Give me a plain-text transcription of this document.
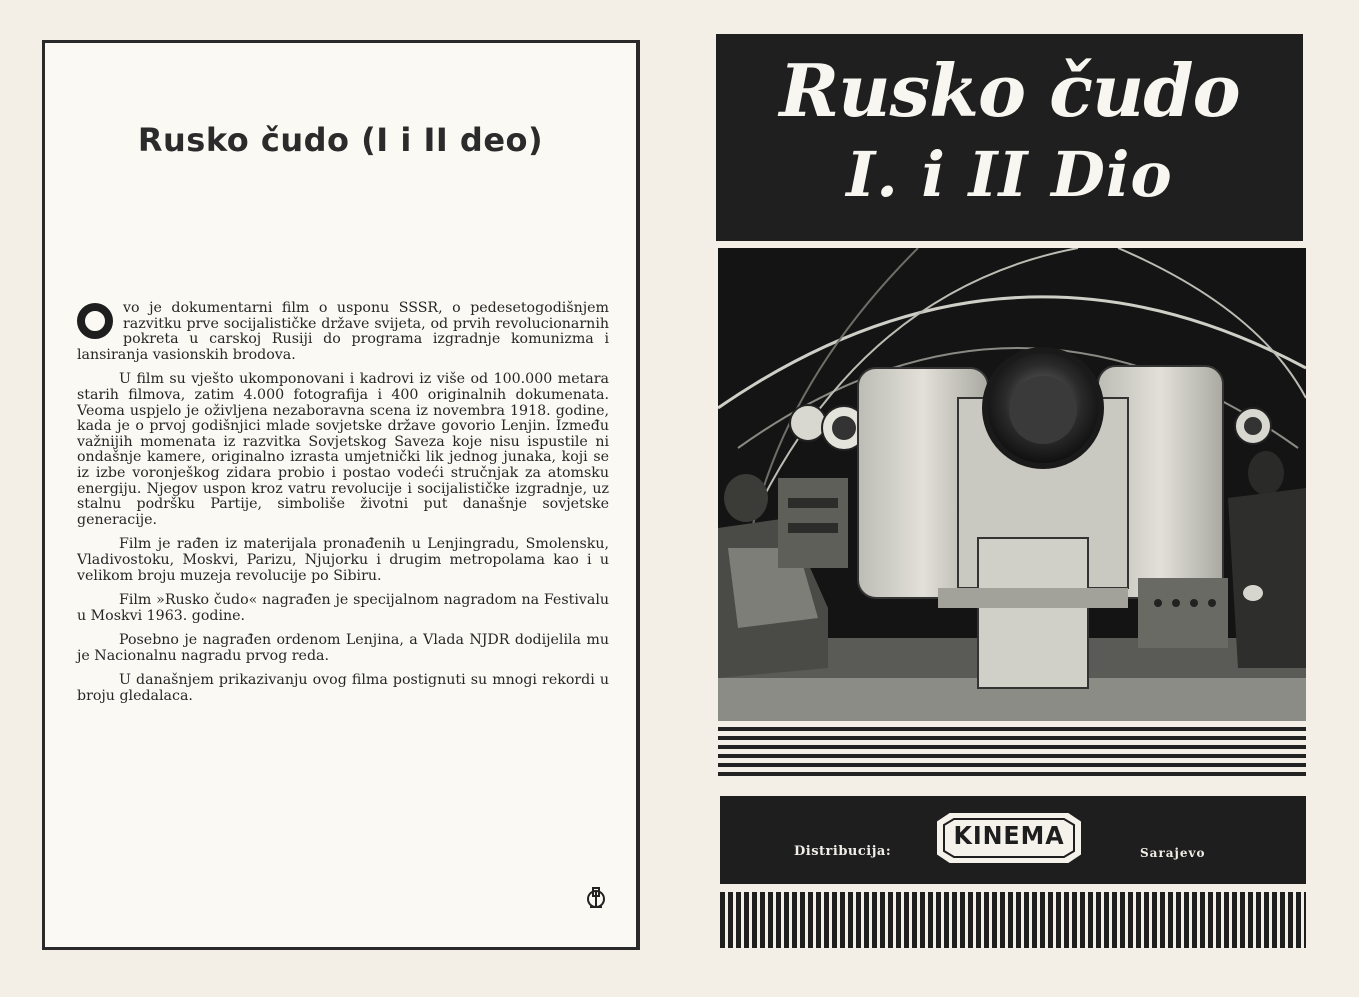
Rusko čudo (I i II deo)

vo je dokumentarni film o usponu SSSR, o pedesetogodišnjem razvitku prve socijalističke države svijeta, od prvih revolucionarnih pokreta u carskoj Rusiji do programa izgradnje komunizma i lansiranja vasionskih brodova.

U film su vješto ukomponovani i kadrovi iz više od 100.000 metara starih filmova, zatim 4.000 fotografija i 400 originalnih dokumenata. Veoma uspjelo je oživljena nezaboravna scena iz novembra 1918. godine, kada je o prvoj godišnjici mlade sovjetske države govorio Lenjin. Između važnijih momenata iz razvitka Sovjetskog Saveza koje nisu ispustile ni ondašnje kamere, originalno izrasta umjetnički lik jednog junaka, koji se iz izbe voronješkog zidara probio i postao vodeći stručnjak za atomsku energiju. Njegov uspon kroz vatru revolucije i socijalističke izgradnje, uz stalnu podršku Partije, simboliše životni put današnje sovjetske generacije.

Film je rađen iz materijala pronađenih u Lenjingradu, Smolensku, Vladivostoku, Moskvi, Parizu, Njujorku i drugim metropolama kao i u velikom broju muzeja revolucije po Sibiru.

Film »Rusko čudo« nagrađen je specijalnom nagradom na Festivalu u Moskvi 1963. godine.

Posebno je nagrađen ordenom Lenjina, a Vlada NJDR dodijelila mu je Nacionalnu nagradu prvog reda.

U današnjem prikazivanju ovog filma postignuti su mnogi rekordi u broju gledalaca.

Rusko čudo
I. i II Dio
Distribucija:
KINEMA
Sarajevo
